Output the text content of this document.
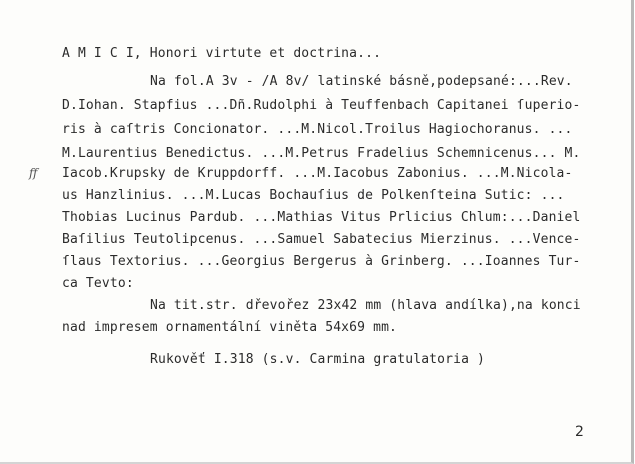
A M I C I, Honori virtute et doctrina...
Na fol.A 3v - /A 8v/ latinské básně,podepsané:...Rev.
D.Iohan. Stapfius ...Dñ.Rudolphi à Teuffenbach Capitanei ſuperio-
ris à caſtris Concionator. ...M.Nicol.Troilus Hagiochoranus. ...
M.Laurentius Benedictus. ...M.Petrus Fradelius Schemnicenus... M.
Iacob.Krupsky de Kruppdorff. ...M.Iacobus Zabonius. ...M.Nicola-
us Hanzlinius. ...M.Lucas Bochauſius de Polkenſteina Sutic: ...
Thobias Lucinus Pardub. ...Mathias Vitus Prlicius Chlum:...Daniel
Baſilius Teutolipcenus. ...Samuel Sabatecius Mierzinus. ...Vence-
ſlaus Textorius. ...Georgius Bergerus à Grinberg. ...Ioannes Tur-
ca Tevto:
Na tit.str. dřevořez 23x42 mm (hlava andílka),na konci
nad impresem ornamentální viněta 54x69 mm.
Rukověť I.318 (s.v. Carmina gratulatoria )
ff
2
